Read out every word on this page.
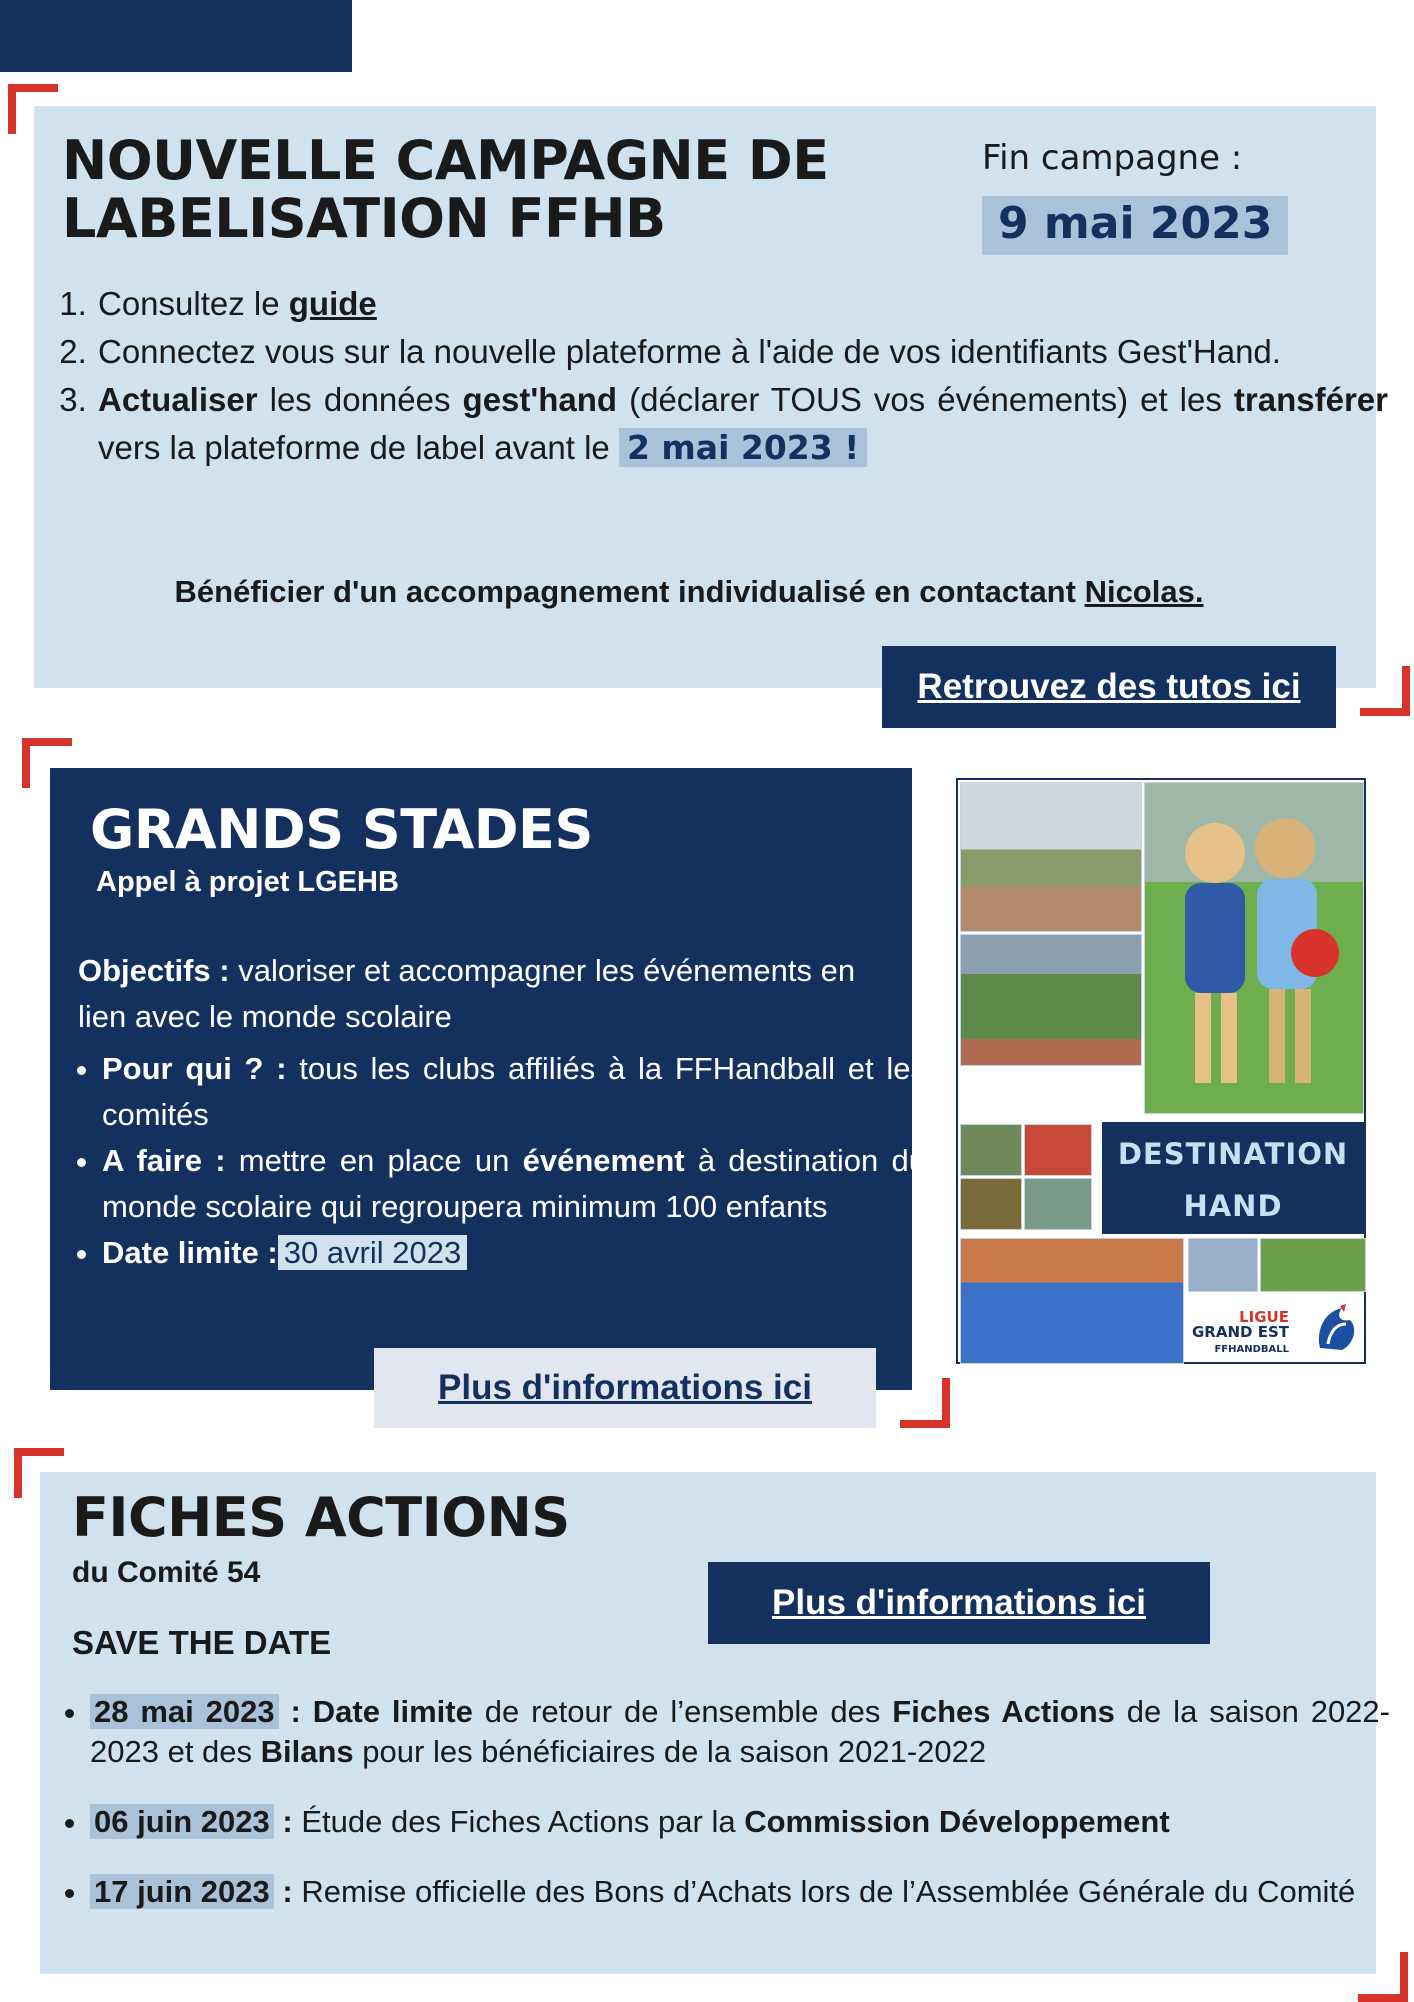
NOUVELLE CAMPAGNE DE
LABELISATION FFHB
Fin campagne :
9 mai 2023
1. Consultez le guide
2. Connectez vous sur la nouvelle plateforme à l'aide de vos identifiants Gest'Hand.
3. Actualiser les données gest'hand (déclarer TOUS vos événements) et les transférer vers la plateforme de label avant le 2 mai 2023 !
Bénéficier d'un accompagnement individualisé en contactant Nicolas.
Retrouvez des tutos ici
GRANDS STADES
Appel à projet LGEHB
Objectifs : valoriser et accompagner les événements en lien avec le monde scolaire
• Pour qui ? : tous les clubs affiliés à la FFHandball et les comités
• A faire : mettre en place un événement à destination du monde scolaire qui regroupera minimum 100 enfants
• Date limite : 30 avril 2023
Plus d'informations ici
DESTINATION
HAND
LIGUE
GRAND EST
FFHANDBALL
FICHES ACTIONS
du Comité 54
SAVE THE DATE
Plus d'informations ici
• 28 mai 2023 : Date limite de retour de l’ensemble des Fiches Actions de la saison 2022-2023 et des Bilans pour les bénéficiaires de la saison 2021-2022
• 06 juin 2023 : Étude des Fiches Actions par la Commission Développement
• 17 juin 2023 : Remise officielle des Bons d’Achats lors de l’Assemblée Générale du Comité
